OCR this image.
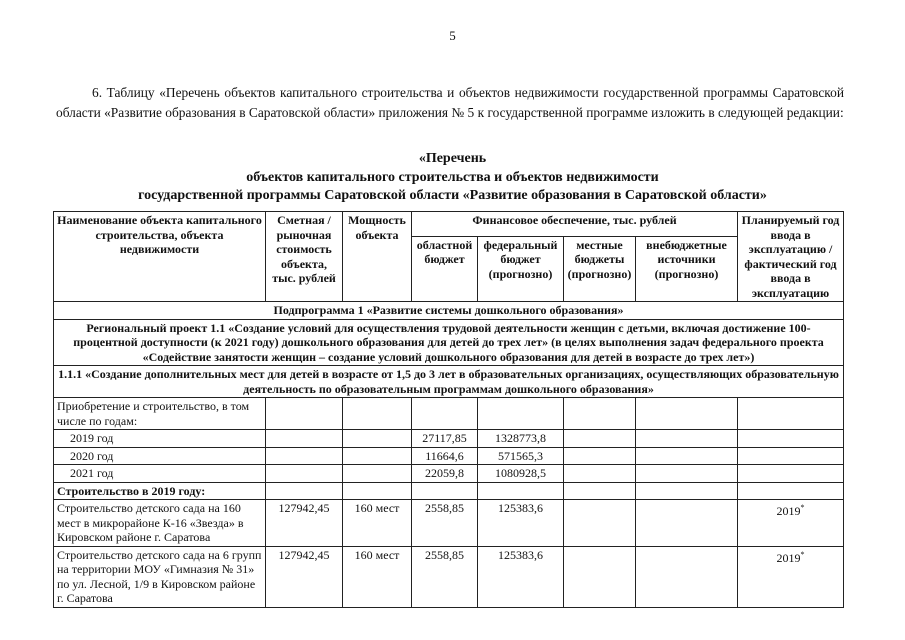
5

6. Таблицу «Перечень объектов капитального строительства и объектов недвижимости государственной программы Саратовской области «Развитие образования в Саратовской области» приложения № 5 к государственной программе изложить в следующей редакции:

«Перечень
объектов капитального строительства и объектов недвижимости
государственной программы Саратовской области «Развитие образования в Саратовской области»
Наименование объекта капитального строительства, объекта недвижимости	Сметная / рыночная стоимость объекта, тыс. рублей	Мощность объекта	Финансовое обеспечение, тыс. рублей				Планируемый год ввода в эксплуатацию / фактический год ввода в эксплуатацию
			областной бюджет	федеральный бюджет (прогнозно)	местные бюджеты (прогнозно)	внебюджетные источники (прогнозно)	
Подпрограмма 1 «Развитие системы дошкольного образования»							
Региональный проект 1.1 «Создание условий для осуществления трудовой деятельности женщин с детьми, включая достижение 100-процентной доступности (к 2021 году) дошкольного образования для детей до трех лет» (в целях выполнения задач федерального проекта «Содействие занятости женщин – создание условий дошкольного образования для детей в возрасте до трех лет»)							
1.1.1 «Создание дополнительных мест для детей в возрасте от 1,5 до 3 лет в образовательных организациях, осуществляющих образовательную деятельность по образовательным программам дошкольного образования»							
Приобретение и строительство, в том числе по годам:							
2019 год			27117,85	1328773,8			
2020 год			11664,6	571565,3			
2021 год			22059,8	1080928,5			
Строительство в 2019 году:							
Строительство детского сада на 160 мест в микрорайоне К-16 «Звезда» в Кировском районе г. Саратова	127942,45	160 мест	2558,85	125383,6			2019*
Строительство детского сада на 6 групп на территории МОУ «Гимназия № 31» по ул. Лесной, 1/9 в Кировском районе г. Саратова	127942,45	160 мест	2558,85	125383,6			2019*
